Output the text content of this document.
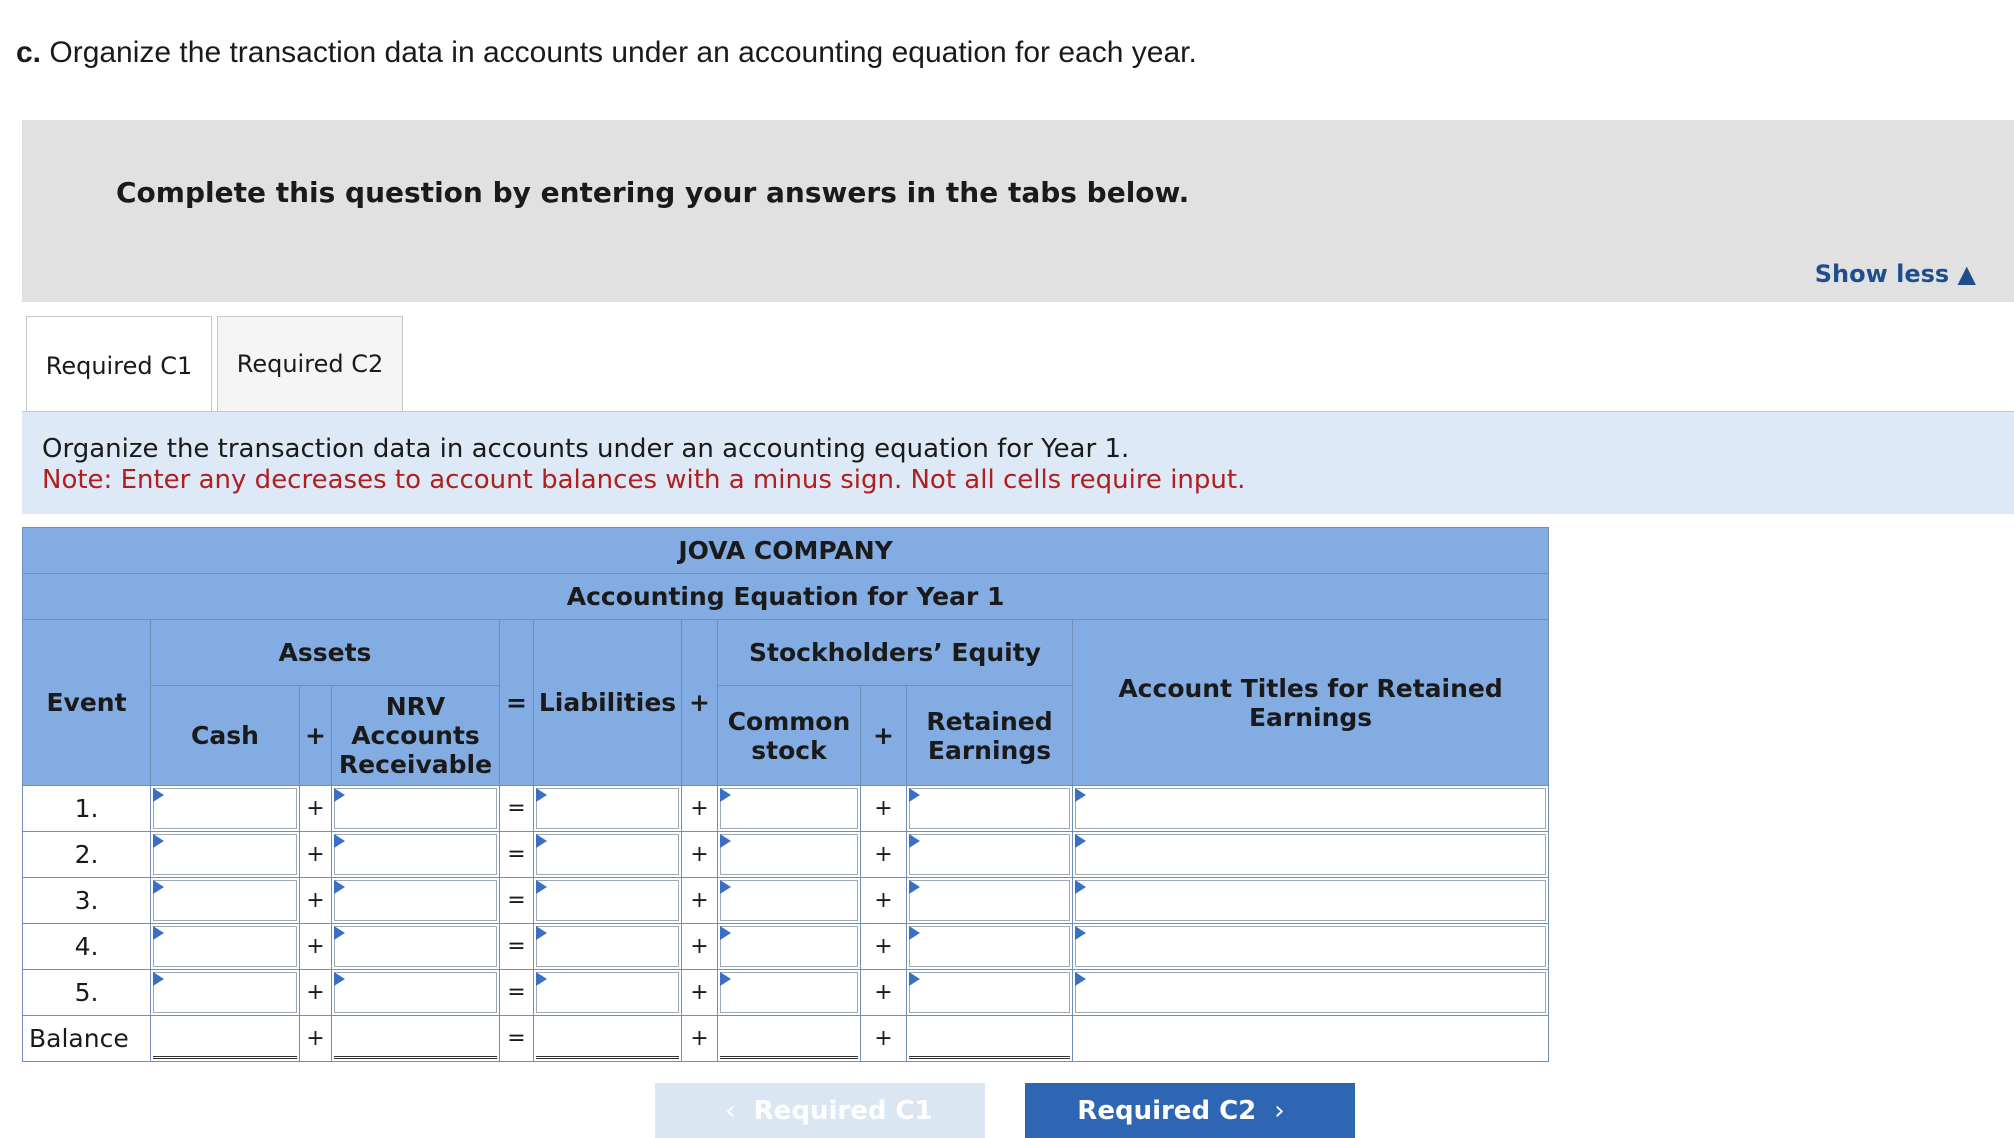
c. Organize the transaction data in accounts under an accounting equation for each year.
Complete this question by entering your answers in the tabs below.
Show less ▲
Required C1	Required C2
Organize the transaction data in accounts under an accounting equation for Year 1.
Note: Enter any decreases to account balances with a minus sign. Not all cells require input.
JOVA COMPANY										
Accounting Equation for Year 1										
Event	Assets			=	Liabilities	+	Stockholders’ Equity			Account Titles for Retained Earnings
	Cash	+	NRV Accounts Receivable				Common stock	+	Retained Earnings	
1.		+		=		+		+	

2.		+		=		+		+	

3.		+		=		+		+	

4.		+		=		+		+	

5.		+		=		+		+	

Balance		+		=		+		+	

‹ Required C1	Required C2 ›
